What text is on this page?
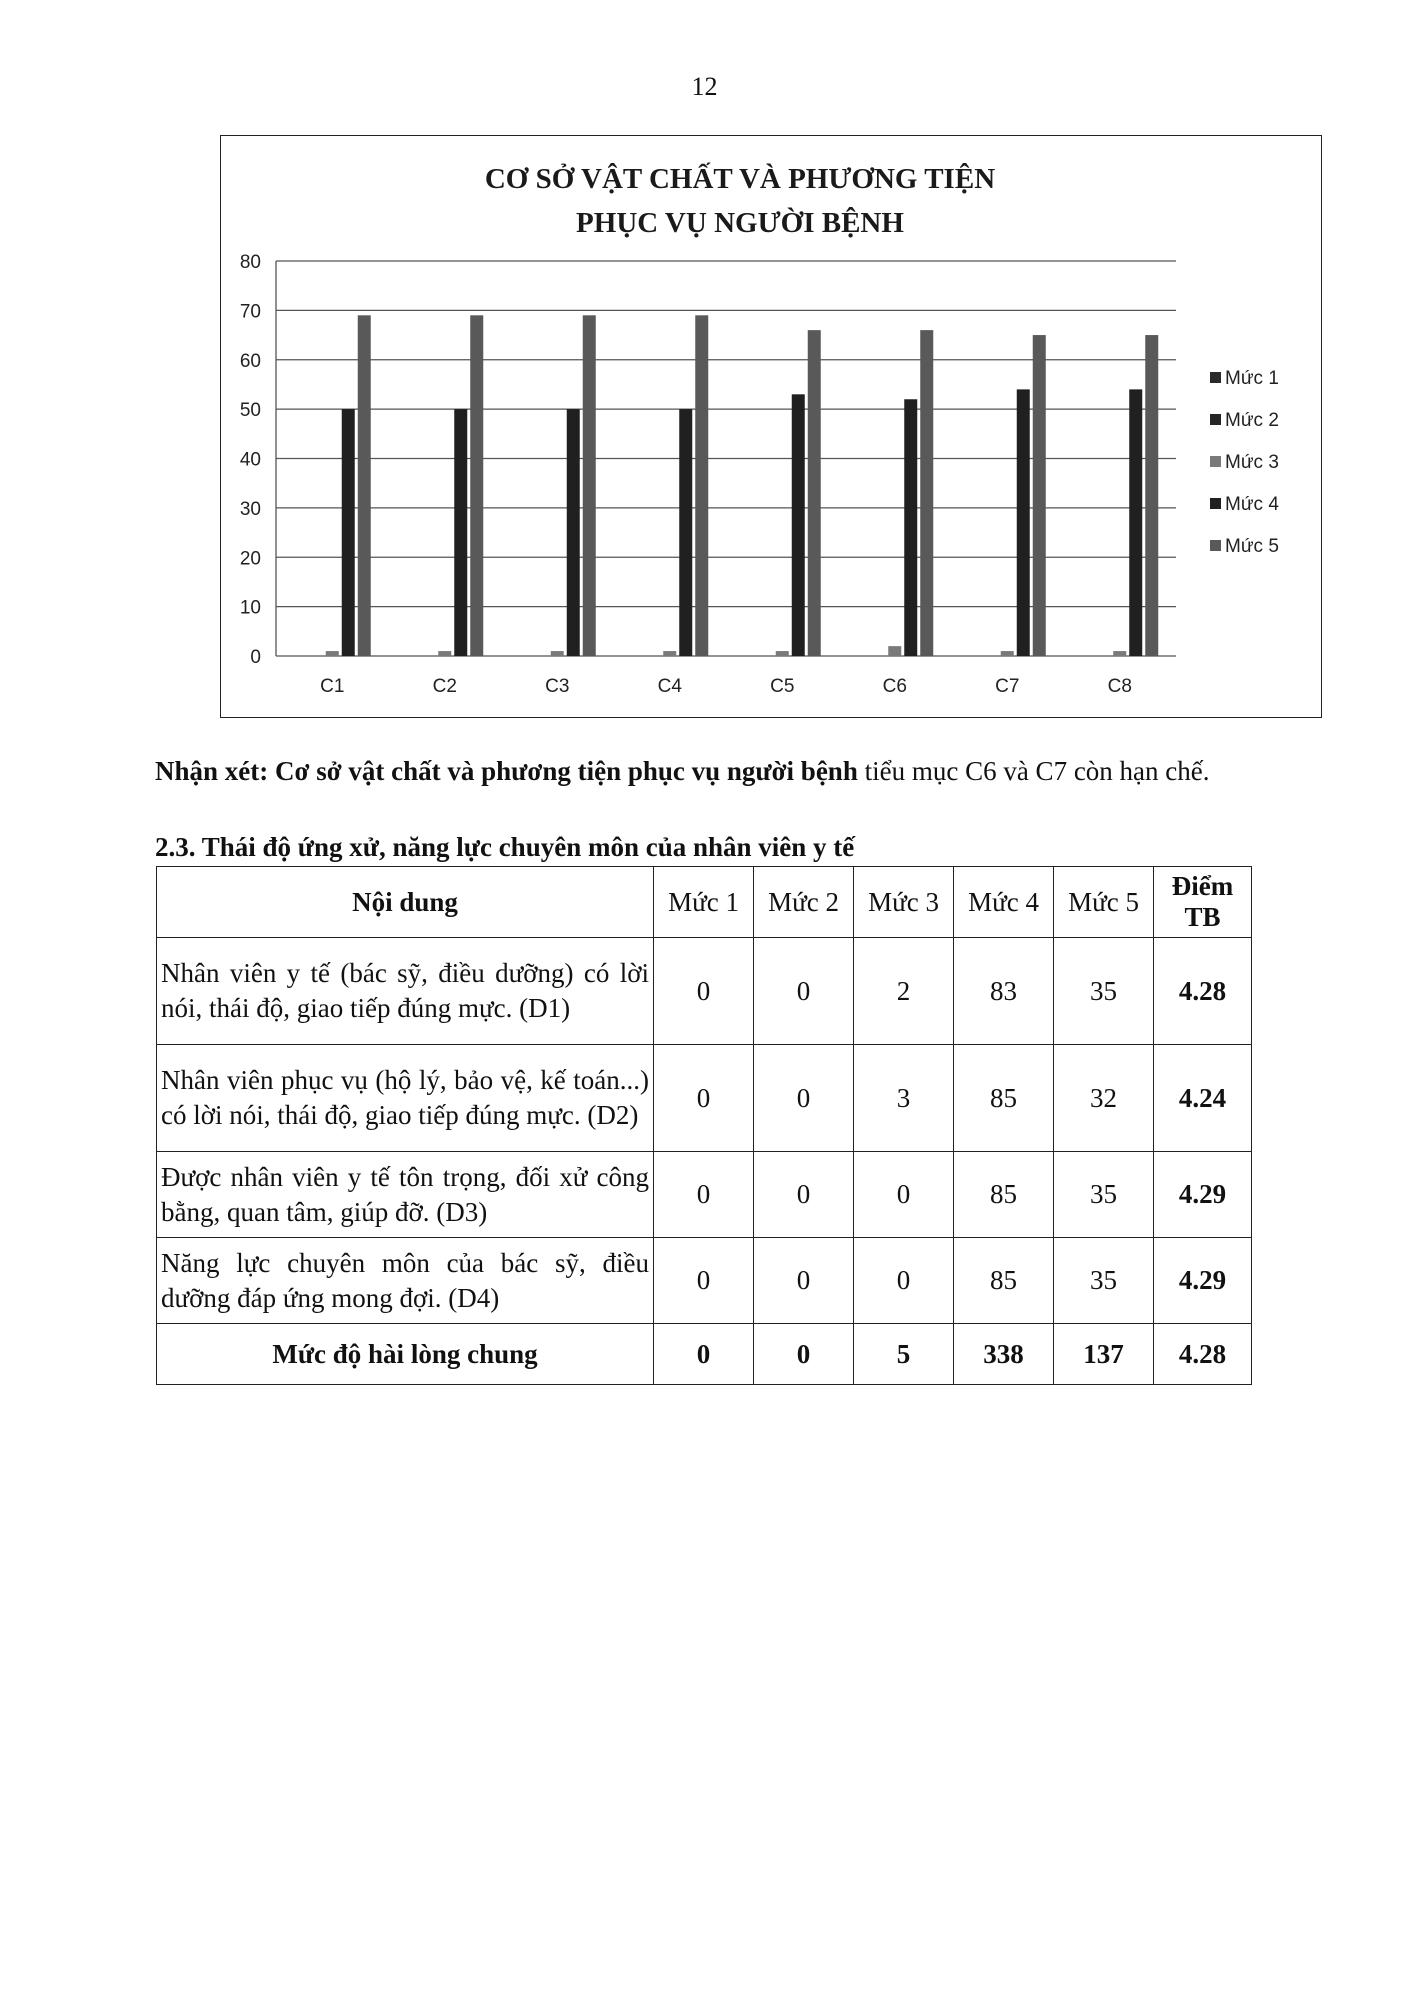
12
CƠ SỞ VẬT CHẤT VÀ PHƯƠNG TIỆN
PHỤC VỤ NGƯỜI BỆNH
0
10
20
30
40
50
60
70
80
C1	C2	C3	C4	C5	C6	C7	C8
Mức 1
Mức 2
Mức 3
Mức 4
Mức 5
Nhận xét: Cơ sở vật chất và phương tiện phục vụ người bệnh tiểu mục C6 và C7 còn hạn chế.
2.3. Thái độ ứng xử, năng lực chuyên môn của nhân viên y tế
Nội dung	Mức 1	Mức 2	Mức 3	Mức 4	Mức 5	Điểm TB
Nhân viên y tế (bác sỹ, điều dưỡng) có lời nói, thái độ, giao tiếp đúng mực. (D1)	0	0	2	83	35	4.28
Nhân viên phục vụ (hộ lý, bảo vệ, kế toán...) có lời nói, thái độ, giao tiếp đúng mực. (D2)	0	0	3	85	32	4.24
Được nhân viên y tế tôn trọng, đối xử công bằng, quan tâm, giúp đỡ. (D3)	0	0	0	85	35	4.29
Năng lực chuyên môn của bác sỹ, điều dưỡng đáp ứng mong đợi. (D4)	0	0	0	85	35	4.29
Mức độ hài lòng chung	0	0	5	338	137	4.28
